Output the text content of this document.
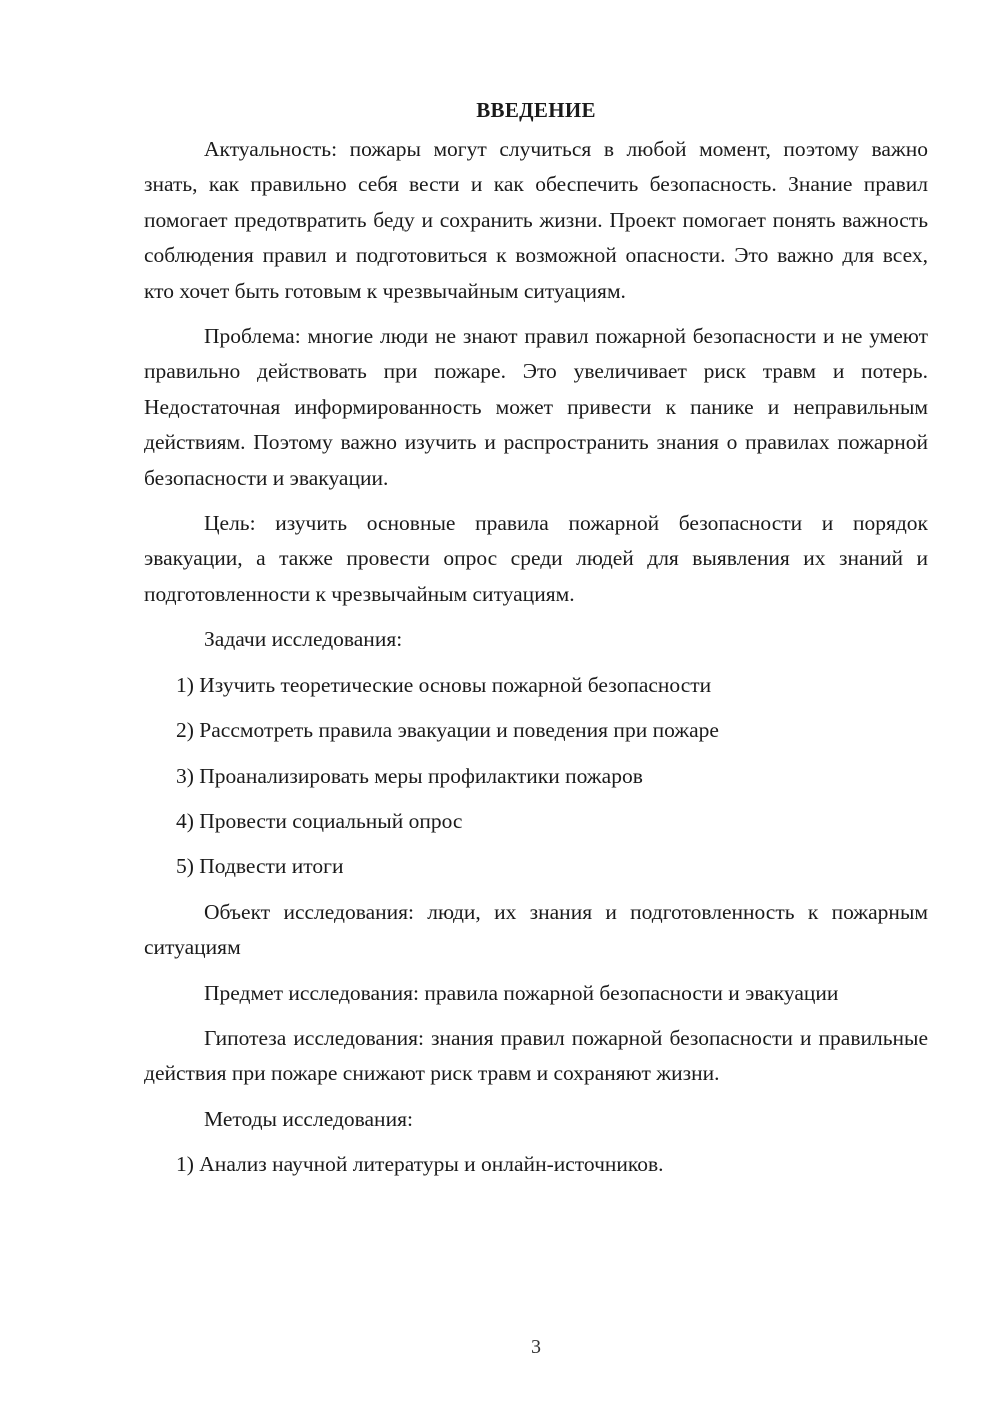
ВВЕДЕНИЕ

Актуальность: пожары могут случиться в любой момент, поэтому важно знать, как правильно себя вести и как обеспечить безопасность. Знание правил помогает предотвратить беду и сохранить жизни. Проект помогает понять важность соблюдения правил и подготовиться к возможной опасности. Это важно для всех, кто хочет быть готовым к чрезвычайным ситуациям.

Проблема: многие люди не знают правил пожарной безопасности и не умеют правильно действовать при пожаре. Это увеличивает риск травм и потерь. Недостаточная информированность может привести к панике и неправильным действиям. Поэтому важно изучить и распространить знания о правилах пожарной безопасности и эвакуации.

Цель: изучить основные правила пожарной безопасности и порядок эвакуации, а также провести опрос среди людей для выявления их знаний и подготовленности к чрезвычайным ситуациям.

Задачи исследования:

1) Изучить теоретические основы пожарной безопасности
2) Рассмотреть правила эвакуации и поведения при пожаре
3) Проанализировать меры профилактики пожаров
4) Провести социальный опрос
5) Подвести итоги

Объект исследования: люди, их знания и подготовленность к пожарным ситуациям

Предмет исследования: правила пожарной безопасности и эвакуации

Гипотеза исследования: знания правил пожарной безопасности и правильные действия при пожаре снижают риск травм и сохраняют жизни.

Методы исследования:

1) Анализ научной литературы и онлайн-источников.
3
